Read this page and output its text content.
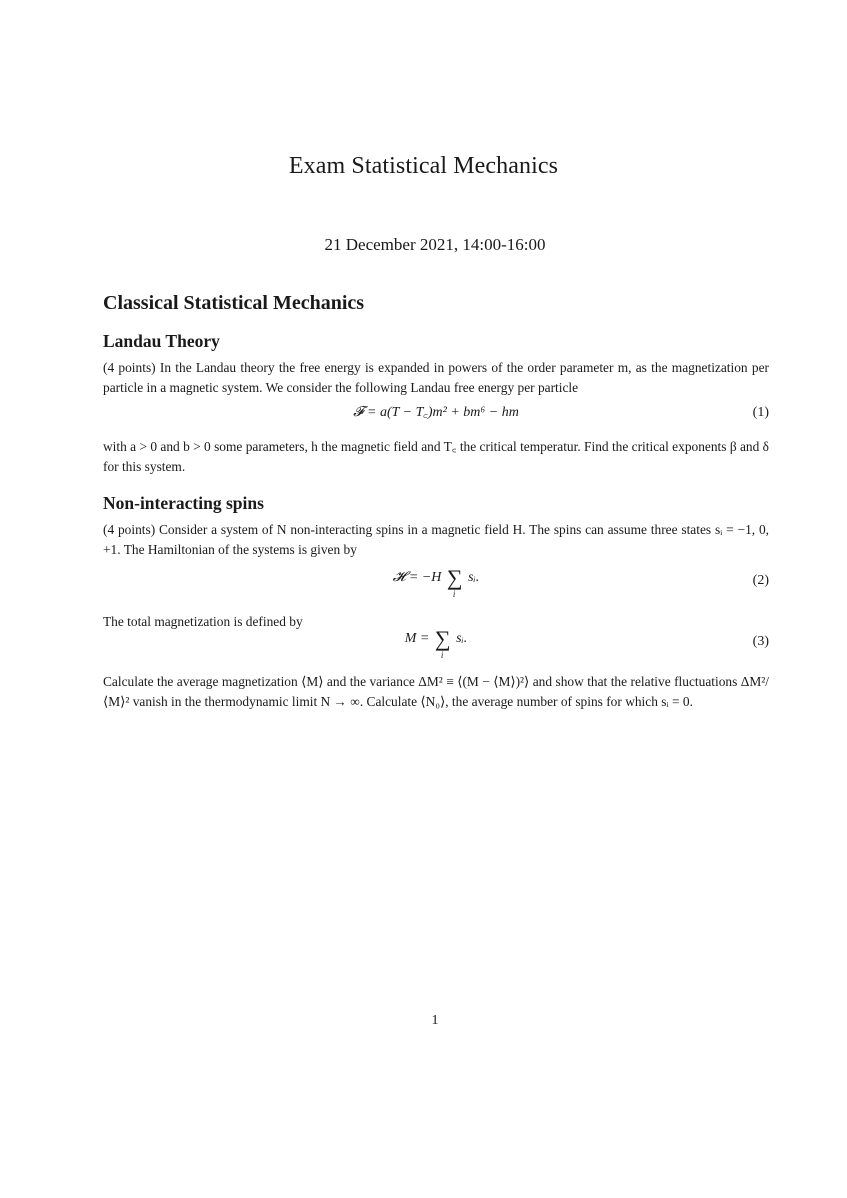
Exam Statistical Mechanics
21 December 2021, 14:00-16:00
Classical Statistical Mechanics
Landau Theory
(4 points) In the Landau theory the free energy is expanded in powers of the order parameter m, as the magnetization per particle in a magnetic system. We consider the following Landau free energy per particle
𝓕 = a(T − T꜀)m² + bm⁶ − hm	(1)
with a > 0 and b > 0 some parameters, h the magnetic field and T꜀ the critical temperatur. Find the critical exponents β and δ for this system.
Non-interacting spins
(4 points) Consider a system of N non-interacting spins in a magnetic field H. The spins can assume three states sᵢ = −1, 0, +1. The Hamiltonian of the systems is given by
𝓗 = −H ∑
i
sᵢ.	(2)
The total magnetization is defined by
M = ∑
i
sᵢ.	(3)
Calculate the average magnetization ⟨M⟩ and the variance ΔM² ≡ ⟨(M − ⟨M⟩)²⟩ and show that the relative fluctuations ΔM²/⟨M⟩² vanish in the thermodynamic limit N → ∞. Calculate ⟨N₀⟩, the average number of spins for which sᵢ = 0.
1
